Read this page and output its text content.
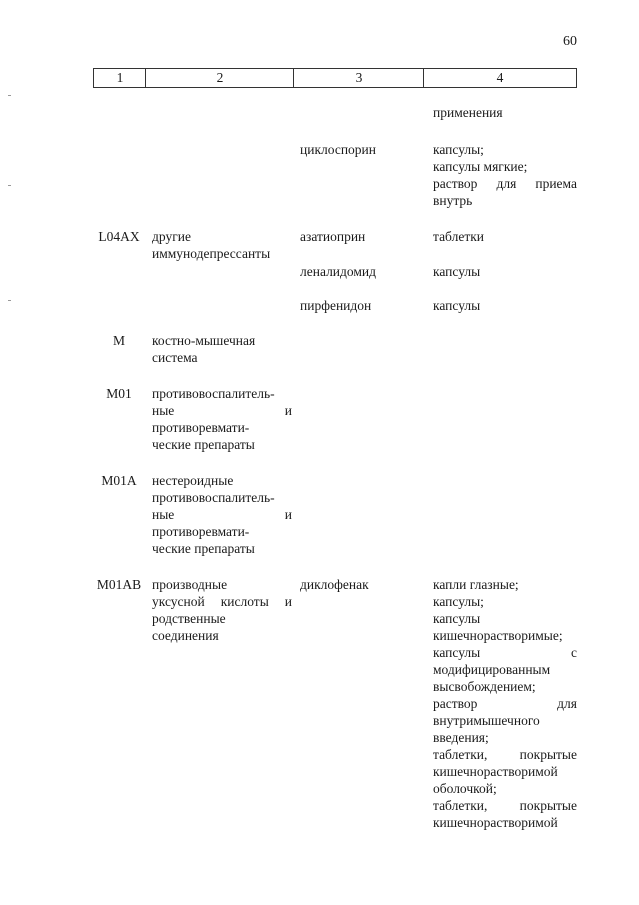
60
1	2	3	4
применения
циклоспорин	капсулы;
капсулы мягкие;
раствор для приема
внутрь
L04AX другие
иммунодепрессанты
азатиоприн	таблетки
леналидомид	капсулы
пирфенидон	капсулы
M	костно-мышечная
система
M01	противовоспалитель-
ные и
противоревмати-
ческие препараты
M01A	нестероидные
противовоспалитель-
ные и
противоревмати-
ческие препараты
M01AB производные
уксусной кислоты и
родственные
соединения
диклофенак	капли глазные;
капсулы;
капсулы
кишечнорастворимые;
капсулы с
модифицированным
высвобождением;
раствор для
внутримышечного
введения;
таблетки, покрытые
кишечнорастворимой
оболочкой;
таблетки, покрытые
кишечнорастворимой
